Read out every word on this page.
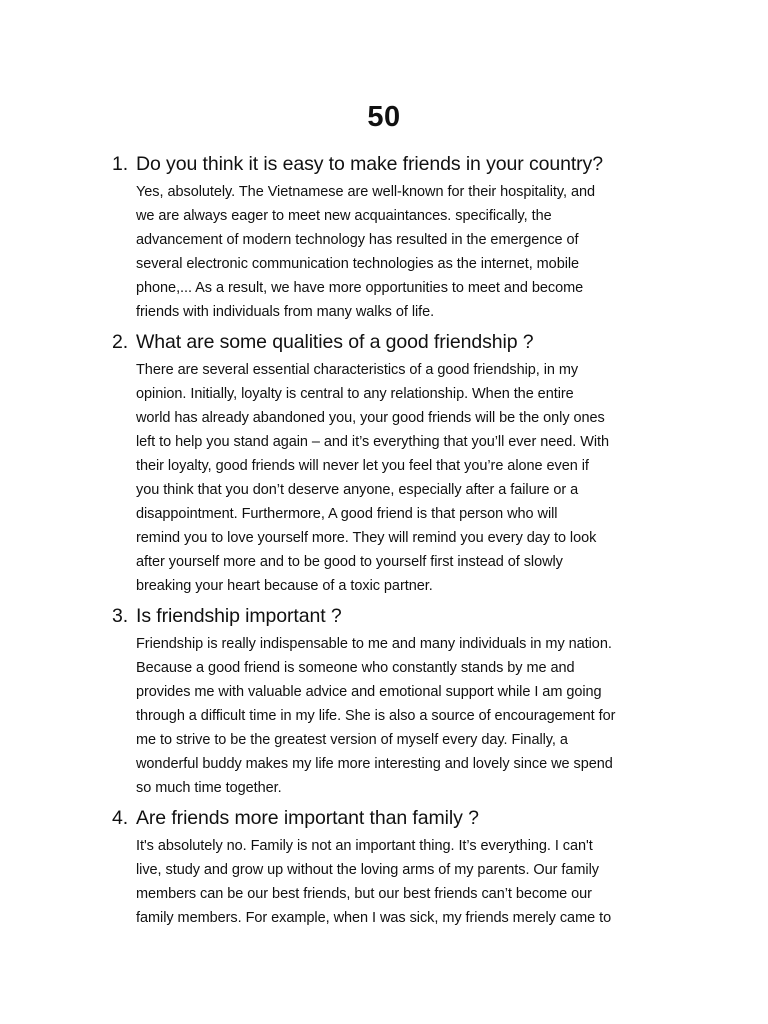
50
1. Do you think it is easy to make friends in your country?
Yes, absolutely. The Vietnamese are well-known for their hospitality, and
we are always eager to meet new acquaintances. specifically, the
advancement of modern technology has resulted in the emergence of
several electronic communication technologies as the internet, mobile
phone,... As a result, we have more opportunities to meet and become
friends with individuals from many walks of life.
2. What are some qualities of a good friendship ?
There are several essential characteristics of a good friendship, in my
opinion. Initially, loyalty is central to any relationship. When the entire
world has already abandoned you, your good friends will be the only ones
left to help you stand again – and it’s everything that you’ll ever need. With
their loyalty, good friends will never let you feel that you’re alone even if
you think that you don’t deserve anyone, especially after a failure or a
disappointment. Furthermore, A good friend is that person who will
remind you to love yourself more. They will remind you every day to look
after yourself more and to be good to yourself first instead of slowly
breaking your heart because of a toxic partner.
3. Is friendship important ?
Friendship is really indispensable to me and many individuals in my nation.
Because a good friend is someone who constantly stands by me and
provides me with valuable advice and emotional support while I am going
through a difficult time in my life. She is also a source of encouragement for
me to strive to be the greatest version of myself every day. Finally, a
wonderful buddy makes my life more interesting and lovely since we spend
so much time together.
4. Are friends more important than family ?
It's absolutely no. Family is not an important thing. It’s everything. I can't
live, study and grow up without the loving arms of my parents. Our family
members can be our best friends, but our best friends can’t become our
family members. For example, when I was sick, my friends merely came to
